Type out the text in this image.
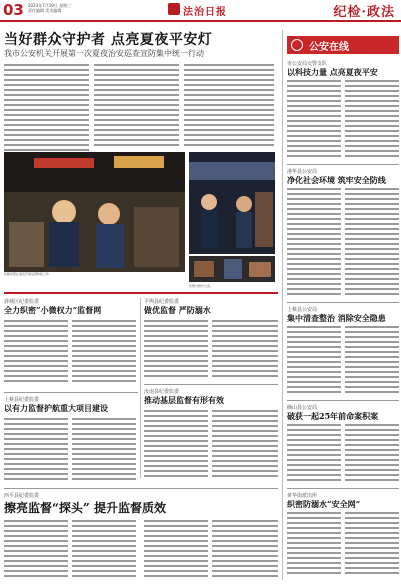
03 2023年7月19日 星期三
责任编辑 美术编辑	法治日报	纪检·政法
当好群众守护者 点亮夏夜平安灯
我市公安机关开展第一次夏夜治安巡查宣防集中统一行动
执勤民警在夏夜开展巡逻防控工作。
民警与群众交流。
公安在线
市公安局交警支队
以科技力量 点亮夏夜平安
港华县公安局
净化社会环境 筑牢安全防线
上蔡县公安局
集中清查整治 消除安全隐患
确山县公安局
破获一起25年前命案积案
黄华街派出所
织密防溺水“安全网”
驿城区纪委监委
全力织密“小微权力”监督网
平舆县纪委监委
做优监督 严防溺水
上蔡县纪委监委
以有力监督护航重大项目建设
汝南县纪委监委
推动基层监督有形有效
西平县纪委监委
擦亮监督“探头” 提升监督质效
